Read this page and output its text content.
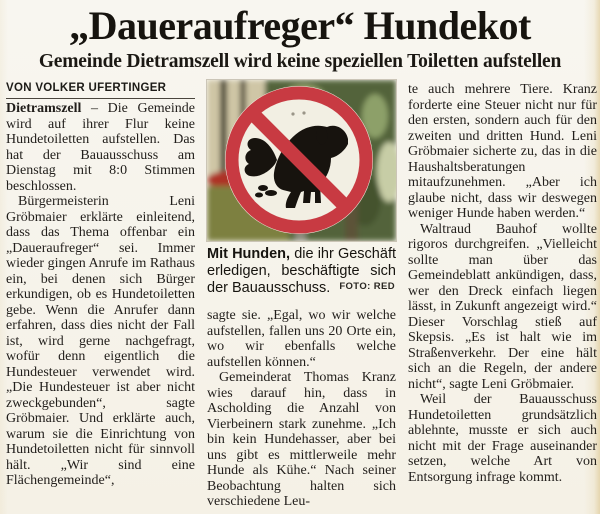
„Daueraufreger“ Hundekot
Gemeinde Dietramszell wird keine speziellen Toiletten aufstellen
VON VOLKER UFERTINGER

Dietramszell – Die Gemeinde wird auf ihrer Flur keine Hundetoiletten aufstellen. Das hat der Bauausschuss am Dienstag mit 8:0 Stimmen beschlossen.

Bürgermeisterin Leni Gröbmaier erklärte einleitend, dass das Thema offenbar ein „Daueraufreger“ sei. Immer wieder gingen Anrufe im Rathaus ein, bei denen sich Bürger erkundigen, ob es Hundetoiletten gebe. Wenn die Anrufer dann erfahren, dass dies nicht der Fall ist, wird gerne nachgefragt, wofür denn eigentlich die Hundesteuer verwendet wird. „Die Hundesteuer ist aber nicht zweckgebunden“, sagte Gröbmaier. Und erklärte auch, warum sie die Einrichtung von Hundetoiletten nicht für sinnvoll hält. „Wir sind eine Flächengemeinde“,

Mit Hunden, die ihr Geschäft erledigen, beschäftigte sich der Bauausschuss. FOTO: RED

sagte sie. „Egal, wo wir welche aufstellen, fallen uns 20 Orte ein, wo wir ebenfalls welche aufstellen können.“

Gemeinderat Thomas Kranz wies darauf hin, dass in Ascholding die Anzahl von Vierbeinern stark zunehme. „Ich bin kein Hundehasser, aber bei uns gibt es mittlerweile mehr Hunde als Kühe.“ Nach seiner Beobachtung halten sich verschiedene Leu-

te auch mehrere Tiere. Kranz forderte eine Steuer nicht nur für den ersten, sondern auch für den zweiten und dritten Hund. Leni Gröbmaier sicherte zu, das in die Haushaltsberatungen mitaufzunehmen. „Aber ich glaube nicht, dass wir deswegen weniger Hunde haben werden.“

Waltraud Bauhof wollte rigoros durchgreifen. „Vielleicht sollte man über das Gemeindeblatt ankündigen, dass, wer den Dreck einfach liegen lässt, in Zukunft angezeigt wird.“ Dieser Vorschlag stieß auf Skepsis. „Es ist halt wie im Straßenverkehr. Der eine hält sich an die Regeln, der andere nicht“, sagte Leni Gröbmaier.

Weil der Bauausschuss Hundetoiletten grundsätzlich ablehnte, musste er sich auch nicht mit der Frage auseinander setzen, welche Art von Entsorgung infrage kommt.
